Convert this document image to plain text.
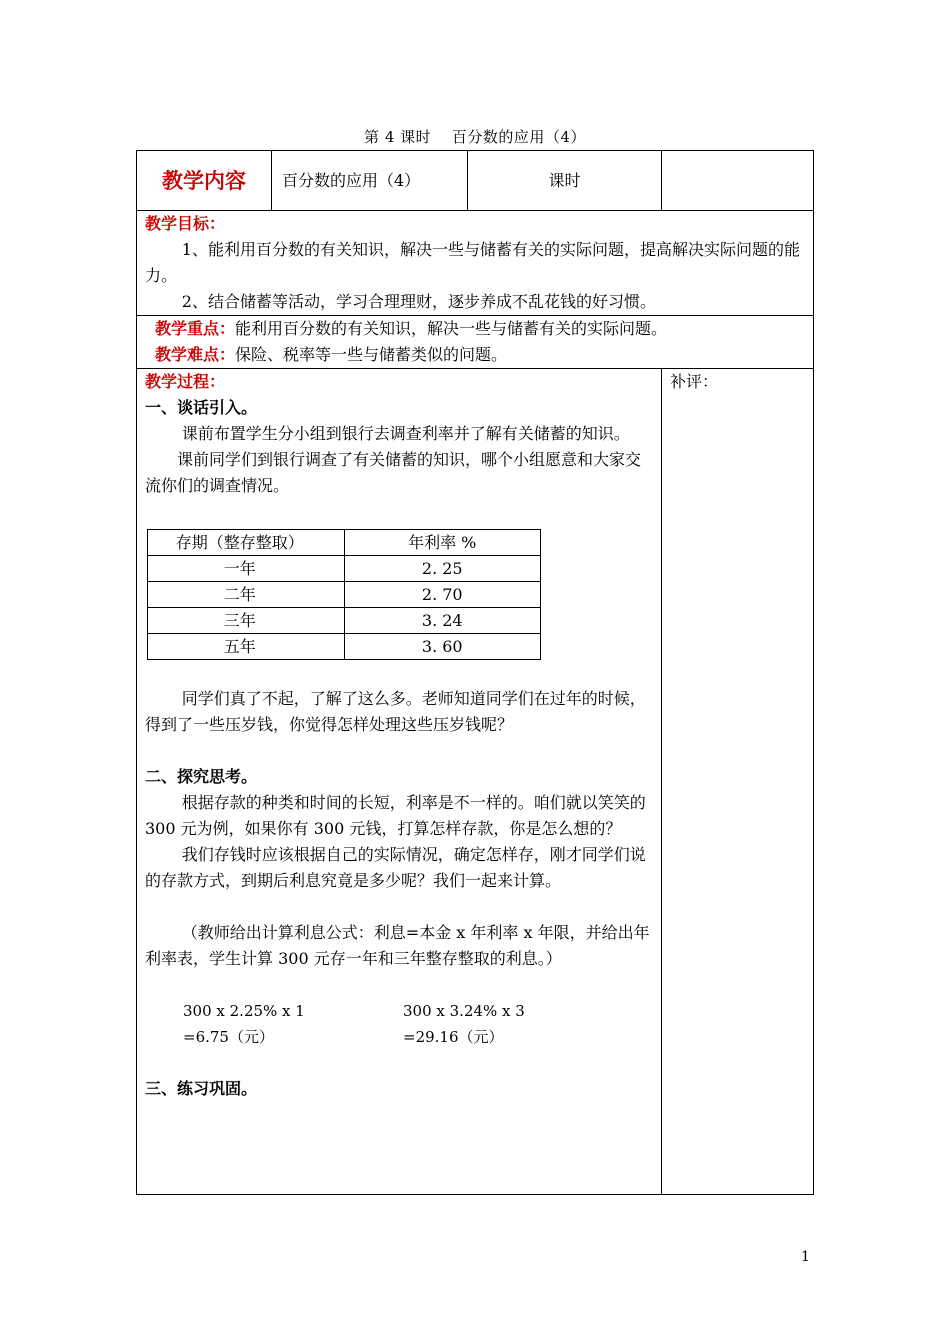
第 4 课时　 百分数的应用（4）
教学内容	百分数的应用（4）	课时	

教学目标：

1、能利用百分数的有关知识，解决一些与储蓄有关的实际问题，提高解决实际问题的能力。

2、结合储蓄等活动，学习合理理财，逐步养成不乱花钱的好习惯。

教学重点：能利用百分数的有关知识，解决一些与储蓄有关的实际问题。

教学难点：保险、税率等一些与储蓄类似的问题。

教学过程：

一、谈话引入。

课前布置学生分小组到银行去调查利率并了解有关储蓄的知识。

课前同学们到银行调查了有关储蓄的知识，哪个小组愿意和大家交流你们的调查情况。

存期（整存整取）	年利率 %
一年	2. 25
二年	2. 70
三年	3. 24
五年	3. 60

同学们真了不起，了解了这么多。老师知道同学们在过年的时候，得到了一些压岁钱，你觉得怎样处理这些压岁钱呢？

二、探究思考。

根据存款的种类和时间的长短，利率是不一样的。咱们就以笑笑的 300 元为例，如果你有 300 元钱，打算怎样存款，你是怎么想的？

我们存钱时应该根据自己的实际情况，确定怎样存，刚才同学们说的存款方式，到期后利息究竟是多少呢？我们一起来计算。

（教师给出计算利息公式：利息=本金 x 年利率 x 年限，并给出年利率表，学生计算 300 元存一年和三年整存整取的利息。）

300 x 2.25% x 1

=6.75（元）

300 x 3.24% x 3

=29.16（元）

三、练习巩固。

补评：

1
